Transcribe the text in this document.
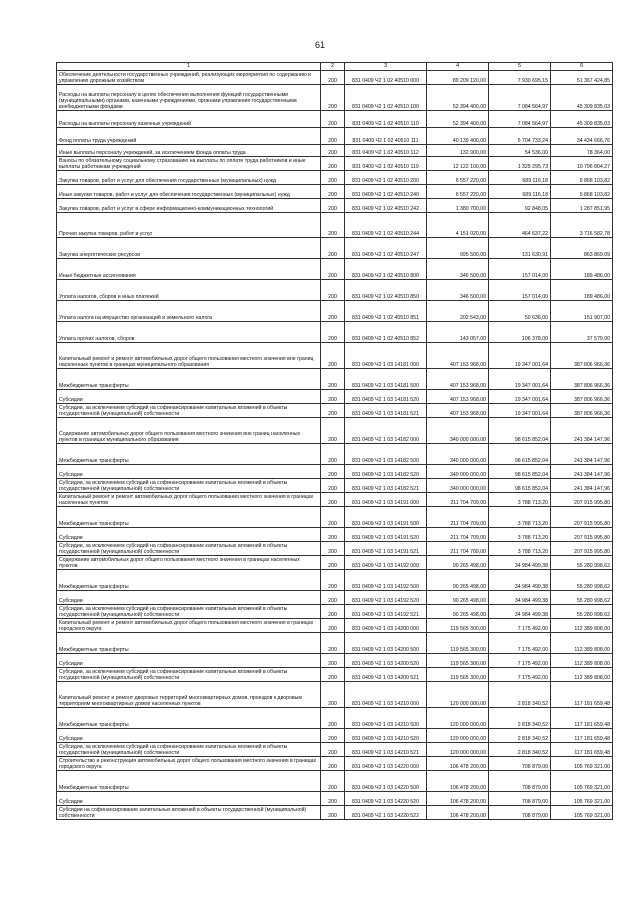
61
1	2	3	4	5	6
Обеспечение деятельности государственных учреждений, реализующих мероприятия по содержанию и управлению дорожным хозяйством	200	831 0409 Ч2 1 02 40510 000	89 209 120,00	7 930 695,15	51 367 424,85
Расходы на выплаты персоналу в целях обеспечения выполнения функций государственными (муниципальными) органами, казенными учреждениями, органами управления государственными внебюджетными фондами	200	831 0409 Ч2 1 02 40510 100	52 394 400,00	7 084 564,97	45 309 835,03
Расходы на выплаты персоналу казенных учреждений	200	831 0409 Ч2 1 02 40510 110	52 394 400,00	7 084 564,97	45 309 835,03
Фонд оплаты труда учреждений	200	831 0409 Ч2 1 02 40510 111	40 139 400,00	5 704 733,24	34 434 666,76
Иные выплаты персоналу учреждений, за исключением фонда оплаты труда	200	831 0409 Ч2 1 02 40510 112	132 900,00	54 536,00	78 364,00
Взносы по обязательному социальному страхованию на выплаты по оплате труда работников и иные выплаты работникам учреждений	200	831 0409 Ч2 1 02 40510 119	12 122 100,00	1 325 295,73	10 796 804,27
Закупка товаров, работ и услуг для обеспечения государственных (муниципальных) нужд	200	831 0409 Ч2 1 02 40510 200	6 557 220,00	689 116,18	5 868 103,82
Иные закупки товаров, работ и услуг для обеспечения государственных (муниципальных) нужд	200	831 0409 Ч2 1 02 40510 240	6 557 220,00	689 116,18	5 868 103,82
Закупка товаров, работ и услуг в сфере информационно-коммуникационных технологий	200	831 0409 Ч2 1 02 40510 242	1 380 700,00	92 848,05	1 287 851,95
Прочая закупка товаров, работ и услуг	200	831 0409 Ч2 1 02 40510 244	4 151 020,00	464 637,22	3 716 582,78
Закупка энергетических ресурсов	200	831 0409 Ч2 1 02 40510 247	995 500,00	131 630,91	863 869,09
Иные бюджетные ассигнования	200	831 0409 Ч2 1 02 40510 800	346 500,00	157 014,00	189 486,00
Уплата налогов, сборов и иных платежей	200	831 0409 Ч2 1 02 40510 850	346 500,00	157 014,00	189 486,00
Уплата налога на имущество организаций и земельного налога	200	831 0409 Ч2 1 02 40510 851	202 543,00	50 636,00	151 907,00
Уплата прочих налогов, сборов	200	831 0409 Ч2 1 02 40510 852	143 057,00	106 378,00	37 579,00
Капитальный ремонт и ремонт автомобильных дорог общего пользования местного значения вне границ населенных пунктов в границах муниципального образования	200	831 0409 Ч2 1 03 14181 000	407 153 968,00	19 347 001,64	387 806 966,36
Межбюджетные трансферты	200	831 0409 Ч2 1 03 14181 500	407 153 968,00	19 347 001,64	387 806 966,36
Субсидии	200	831 0409 Ч2 1 03 14181 520	407 153 968,00	19 347 001,64	387 806 966,36
Субсидии, за исключением субсидий на софинансирование капитальных вложений в объекты государственной (муниципальной) собственности	200	831 0409 Ч2 1 03 14181 521	407 153 968,00	19 347 001,64	387 806 966,36
Содержание автомобильных дорог общего пользования местного значения вне границ населенных пунктов в границах муниципального образования	200	831 0409 Ч2 1 03 14182 000	340 000 000,00	98 615 852,04	241 384 147,96
Межбюджетные трансферты	200	831 0409 Ч2 1 03 14182 500	340 000 000,00	98 615 852,04	241 384 147,96
Субсидии	200	831 0409 Ч2 1 03 14182 520	340 000 000,00	98 615 852,04	241 384 147,96
Субсидии, за исключением субсидий на софинансирование капитальных вложений в объекты государственной (муниципальной) собственности	200	831 0409 Ч2 1 03 14182 521	340 000 000,00	98 615 852,04	241 384 147,96
Капитальный ремонт и ремонт автомобильных дорог общего пользования местного значения в границах населенных пунктов	200	831 0409 Ч2 1 03 14191 000	211 704 709,00	3 788 713,20	207 915 995,80
Межбюджетные трансферты	200	831 0409 Ч2 1 03 14191 500	211 704 709,00	3 788 713,20	207 915 995,80
Субсидии	200	831 0409 Ч2 1 03 14191 520	211 704 709,00	3 788 713,20	207 915 995,80
Субсидии, за исключением субсидий на софинансирование капитальных вложений в объекты государственной (муниципальной) собственности	200	831 0409 Ч2 1 03 14191 521	211 704 709,00	3 788 713,20	207 915 995,80
Содержание автомобильных дорог общего пользования местного значения в границах населенных пунктов	200	831 0409 Ч2 1 03 14192 000	90 265 498,00	34 984 499,38	55 280 998,62
Межбюджетные трансферты	200	831 0409 Ч2 1 03 14192 500	90 265 498,00	34 984 499,38	55 280 998,62
Субсидии	200	831 0409 Ч2 1 03 14192 520	90 265 498,00	34 984 499,38	55 280 998,62
Субсидии, за исключением субсидий на софинансирование капитальных вложений в объекты государственной (муниципальной) собственности	200	831 0409 Ч2 1 03 14192 521	90 265 498,00	34 984 499,38	55 280 998,62
Капитальный ремонт и ремонт автомобильных дорог общего пользования местного значения в границах городского округа	200	831 0409 Ч2 1 03 14200 000	119 565 300,00	7 175 492,00	112 389 808,00
Межбюджетные трансферты	200	831 0409 Ч2 1 03 14200 500	119 565 300,00	7 175 492,00	112 389 808,00
Субсидии	200	831 0409 Ч2 1 03 14200 520	119 565 300,00	7 175 492,00	112 389 808,00
Субсидии, за исключением субсидий на софинансирование капитальных вложений в объекты государственной (муниципальной) собственности	200	831 0409 Ч2 1 03 14200 521	119 565 300,00	7 175 492,00	112 389 808,00
Капитальный ремонт и ремонт дворовых территорий многоквартирных домов, проездов к дворовым территориям многоквартирных домов населенных пунктов	200	831 0409 Ч2 1 03 14210 000	120 000 000,00	2 818 340,52	117 181 659,48
Межбюджетные трансферты	200	831 0409 Ч2 1 03 14210 500	120 000 000,00	2 818 340,52	117 181 659,48
Субсидии	200	831 0409 Ч2 1 03 14210 520	120 000 000,00	2 818 340,52	117 181 659,48
Субсидии, за исключением субсидий на софинансирование капитальных вложений в объекты государственной (муниципальной) собственности	200	831 0409 Ч2 1 03 14210 521	120 000 000,00	2 818 340,52	117 181 659,48
Строительство и реконструкция автомобильных дорог общего пользования местного значения в границах городского округа	200	831 0409 Ч2 1 03 14220 000	106 478 200,00	708 879,00	105 769 321,00
Межбюджетные трансферты	200	831 0409 Ч2 1 03 14220 500	106 478 200,00	708 879,00	105 769 321,00
Субсидии	200	831 0409 Ч2 1 03 14220 520	106 478 200,00	708 879,00	105 769 321,00
Субсидии на софинансирование капитальных вложений в объекты государственной (муниципальной) собственности	200	831 0409 Ч2 1 03 14220 522	106 478 200,00	708 879,00	105 769 321,00
